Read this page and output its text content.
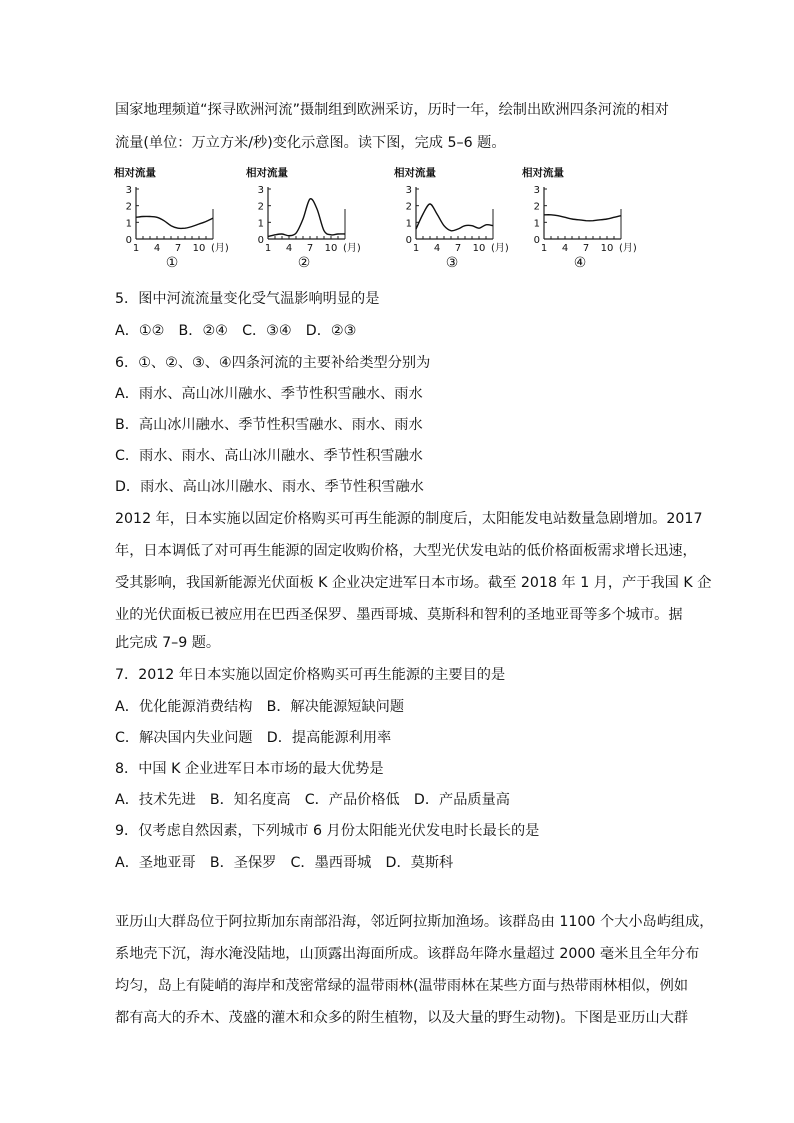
国家地理频道“探寻欧洲河流”摄制组到欧洲采访，历时一年，绘制出欧洲四条河流的相对
流量(单位：万立方米/秒)变化示意图。读下图，完成 5–6 题。
相对流量
0
1
2
3
1 4 7 10 (月)
①
相对流量
0
1
2
3
1 4 7 10 (月)
②
相对流量
0
1
2
3
1 4 7 10 (月)
③
相对流量
0
1
2
3
1 4 7 10 (月)
④
5．图中河流流量变化受气温影响明显的是
A．①②　B．②④　C．③④　D．②③
6．①、②、③、④四条河流的主要补给类型分别为
A．雨水、高山冰川融水、季节性积雪融水、雨水
B．高山冰川融水、季节性积雪融水、雨水、雨水
C．雨水、雨水、高山冰川融水、季节性积雪融水
D．雨水、高山冰川融水、雨水、季节性积雪融水
2012 年，日本实施以固定价格购买可再生能源的制度后，太阳能发电站数量急剧增加。2017
年，日本调低了对可再生能源的固定收购价格，大型光伏发电站的低价格面板需求增长迅速，
受其影响，我国新能源光伏面板 K 企业决定进军日本市场。截至 2018 年 1 月，产于我国 K 企
业的光伏面板已被应用在巴西圣保罗、墨西哥城、莫斯科和智利的圣地亚哥等多个城市。据
此完成 7–9 题。
7．2012 年日本实施以固定价格购买可再生能源的主要目的是
A．优化能源消费结构　B．解决能源短缺问题
C．解决国内失业问题　D．提高能源利用率
8．中国 K 企业进军日本市场的最大优势是
A．技术先进　B．知名度高　C．产品价格低　D．产品质量高
9．仅考虑自然因素，下列城市 6 月份太阳能光伏发电时长最长的是
A．圣地亚哥　B．圣保罗　C．墨西哥城　D．莫斯科
亚历山大群岛位于阿拉斯加东南部沿海，邻近阿拉斯加渔场。该群岛由 1100 个大小岛屿组成，
系地壳下沉，海水淹没陆地，山顶露出海面所成。该群岛年降水量超过 2000 毫米且全年分布
均匀，岛上有陡峭的海岸和茂密常绿的温带雨林(温带雨林在某些方面与热带雨林相似，例如
都有高大的乔木、茂盛的灌木和众多的附生植物，以及大量的野生动物)。下图是亚历山大群
